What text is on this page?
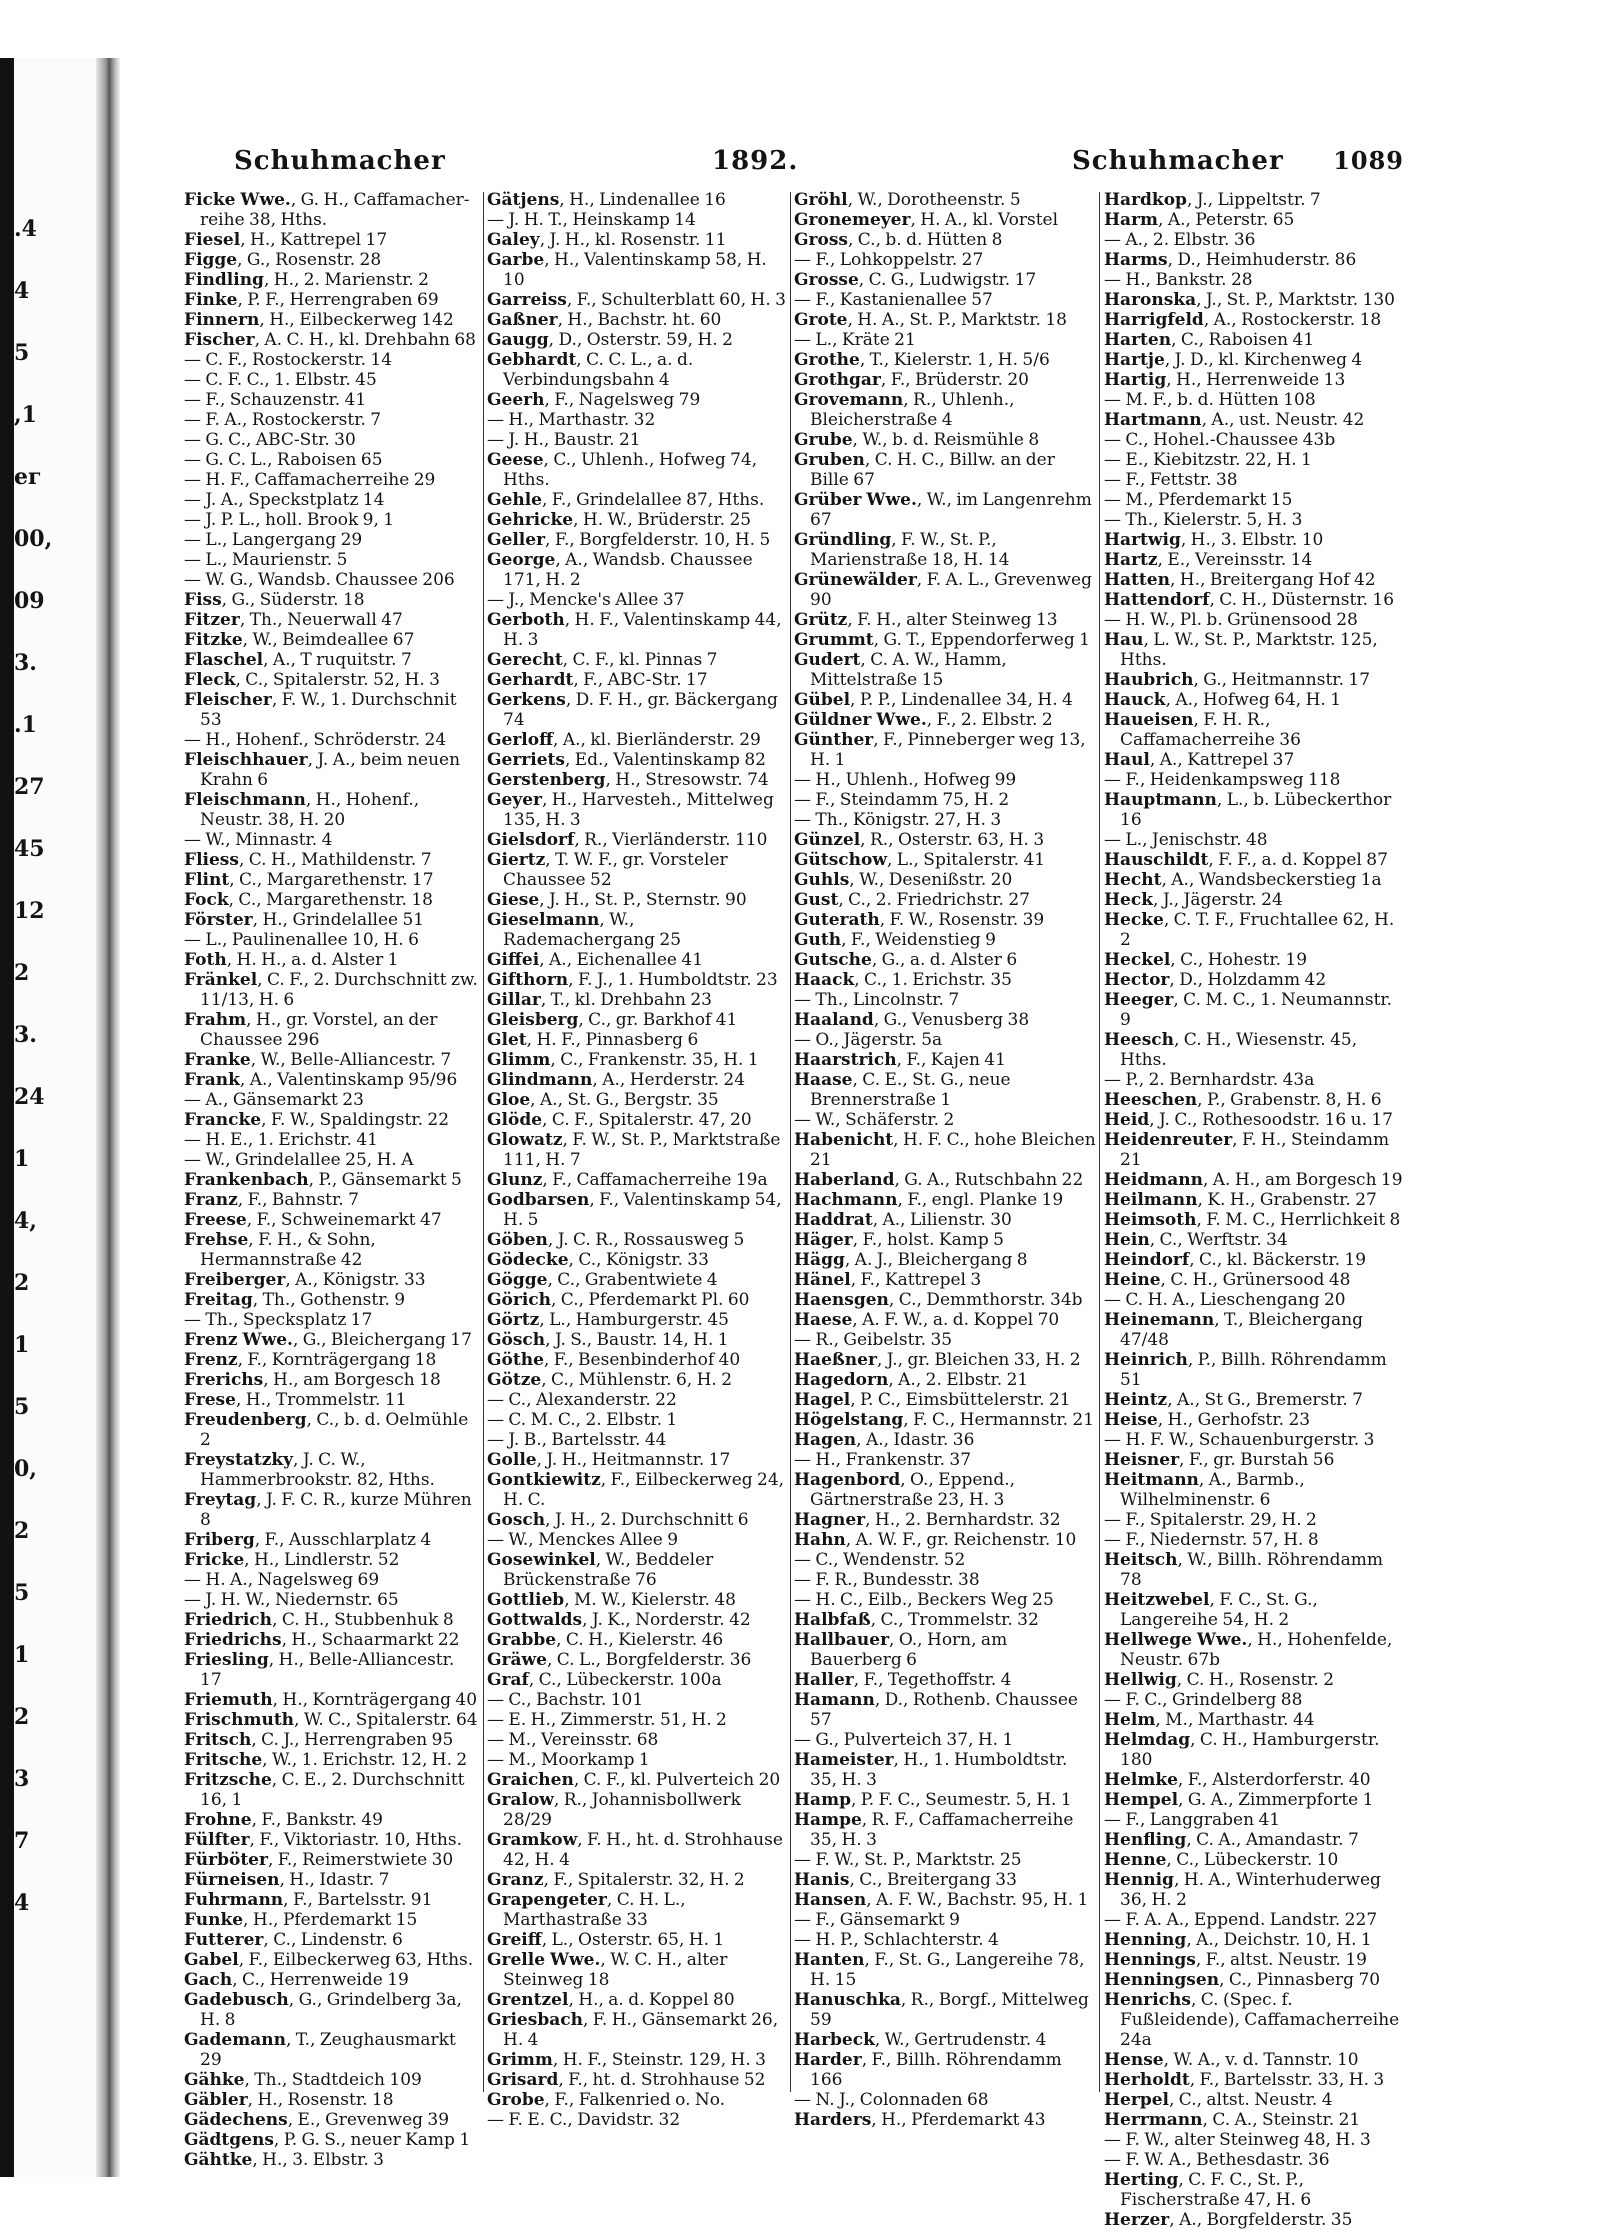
.4
4
5
,1
ег
00,
09
3.
.1
27
45
12
2
3.
24
1
4,
2
1
5
0,
2
5
1
2
3
7
4
Schuhmacher	1892.	Schuhmacher 1089

Ficke Wwe., G. H., Caffamacher-reihe 38, Hths.

Fiesel, H., Kattrepel 17

Figge, G., Rosenstr. 28

Findling, H., 2. Marienstr. 2

Finke, P. F., Herrengraben 69

Finnern, H., Eilbeckerweg 142

Fischer, A. C. H., kl. Drehbahn 68

— C. F., Rostockerstr. 14

— C. F. C., 1. Elbstr. 45

— F., Schauzenstr. 41

— F. A., Rostockerstr. 7

— G. C., ABC-Str. 30

— G. C. L., Raboisen 65

— H. F., Caffamacherreihe 29

— J. A., Speckstplatz 14

— J. P. L., holl. Brook 9, 1

— L., Langergang 29

— L., Maurienstr. 5

— W. G., Wandsb. Chaussee 206

Fiss, G., Süderstr. 18

Fitzer, Th., Neuerwall 47

Fitzke, W., Beimdeallee 67

Flaschel, A., T ruquitstr. 7

Fleck, C., Spitalerstr. 52, H. 3

Fleischer, F. W., 1. Durchschnit 53

— H., Hohenf., Schröderstr. 24

Fleischhauer, J. A., beim neuen Krahn 6

Fleischmann, H., Hohenf., Neustr. 38, H. 20

— W., Minnastr. 4

Fliess, C. H., Mathildenstr. 7

Flint, C., Margarethenstr. 17

Fock, C., Margarethenstr. 18

Förster, H., Grindelallee 51

— L., Paulinenallee 10, H. 6

Foth, H. H., a. d. Alster 1

Fränkel, C. F., 2. Durchschnitt zw. 11/13, H. 6

Frahm, H., gr. Vorstel, an der Chaussee 296

Franke, W., Belle-Alliancestr. 7

Frank, A., Valentinskamp 95/96

— A., Gänsemarkt 23

Francke, F. W., Spaldingstr. 22

— H. E., 1. Erichstr. 41

— W., Grindelallee 25, H. A

Frankenbach, P., Gänsemarkt 5

Franz, F., Bahnstr. 7

Freese, F., Schweinemarkt 47

Frehse, F. H., & Sohn, Hermannstraße 42

Freiberger, A., Königstr. 33

Freitag, Th., Gothenstr. 9

— Th., Specksplatz 17

Frenz Wwe., G., Bleichergang 17

Frenz, F., Kornträgergang 18

Frerichs, H., am Borgesch 18

Frese, H., Trommelstr. 11

Freudenberg, C., b. d. Oelmühle 2

Freystatzky, J. C. W., Hammerbrookstr. 82, Hths.

Freytag, J. F. C. R., kurze Mühren 8

Friberg, F., Ausschlarplatz 4

Fricke, H., Lindlerstr. 52

— H. A., Nagelsweg 69

— J. H. W., Niedernstr. 65

Friedrich, C. H., Stubbenhuk 8

Friedrichs, H., Schaarmarkt 22

Friesling, H., Belle-Alliancestr. 17

Friemuth, H., Kornträgergang 40

Frischmuth, W. C., Spitalerstr. 64

Fritsch, C. J., Herrengraben 95

Fritsche, W., 1. Erichstr. 12, H. 2

Fritzsche, C. E., 2. Durchschnitt 16, 1

Frohne, F., Bankstr. 49

Fülfter, F., Viktoriastr. 10, Hths.

Fürböter, F., Reimerstwiete 30

Fürneisen, H., Idastr. 7

Fuhrmann, F., Bartelsstr. 91

Funke, H., Pferdemarkt 15

Futterer, C., Lindenstr. 6

Gabel, F., Eilbeckerweg 63, Hths.

Gach, C., Herrenweide 19

Gadebusch, G., Grindelberg 3a, H. 8

Gademann, T., Zeughausmarkt 29

Gähke, Th., Stadtdeich 109

Gäbler, H., Rosenstr. 18

Gädechens, E., Grevenweg 39

Gädtgens, P. G. S., neuer Kamp 1

Gähtke, H., 3. Elbstr. 3

Gätjens, H., Lindenallee 16

— J. H. T., Heinskamp 14

Galey, J. H., kl. Rosenstr. 11

Garbe, H., Valentinskamp 58, H. 10

Garreiss, F., Schulterblatt 60, H. 3

Gaßner, H., Bachstr. ht. 60

Gaugg, D., Osterstr. 59, H. 2

Gebhardt, C. C. L., a. d. Verbindungsbahn 4

Geerh, F., Nagelsweg 79

— H., Marthastr. 32

— J. H., Baustr. 21

Geese, C., Uhlenh., Hofweg 74, Hths.

Gehle, F., Grindelallee 87, Hths.

Gehricke, H. W., Brüderstr. 25

Geller, F., Borgfelderstr. 10, H. 5

George, A., Wandsb. Chaussee 171, H. 2

— J., Mencke's Allee 37

Gerboth, H. F., Valentinskamp 44, H. 3

Gerecht, C. F., kl. Pinnas 7

Gerhardt, F., ABC-Str. 17

Gerkens, D. F. H., gr. Bäckergang 74

Gerloff, A., kl. Bierländerstr. 29

Gerriets, Ed., Valentinskamp 82

Gerstenberg, H., Stresowstr. 74

Geyer, H., Harvesteh., Mittelweg 135, H. 3

Gielsdorf, R., Vierländerstr. 110

Giertz, T. W. F., gr. Vorsteler Chaussee 52

Giese, J. H., St. P., Sternstr. 90

Gieselmann, W., Rademachergang 25

Giffei, A., Eichenallee 41

Gifthorn, F. J., 1. Humboldtstr. 23

Gillar, T., kl. Drehbahn 23

Gleisberg, C., gr. Barkhof 41

Glet, H. F., Pinnasberg 6

Glimm, C., Frankenstr. 35, H. 1

Glindmann, A., Herderstr. 24

Gloe, A., St. G., Bergstr. 35

Glöde, C. F., Spitalerstr. 47, 20

Glowatz, F. W., St. P., Marktstraße 111, H. 7

Glunz, F., Caffamacherreihe 19a

Godbarsen, F., Valentinskamp 54, H. 5

Göben, J. C. R., Rossausweg 5

Gödecke, C., Königstr. 33

Gögge, C., Grabentwiete 4

Görich, C., Pferdemarkt Pl. 60

Görtz, L., Hamburgerstr. 45

Gösch, J. S., Baustr. 14, H. 1

Göthe, F., Besenbinderhof 40

Götze, C., Mühlenstr. 6, H. 2

— C., Alexanderstr. 22

— C. M. C., 2. Elbstr. 1

— J. B., Bartelsstr. 44

Golle, J. H., Heitmannstr. 17

Gontkiewitz, F., Eilbeckerweg 24, H. C.

Gosch, J. H., 2. Durchschnitt 6

— W., Menckes Allee 9

Gosewinkel, W., Beddeler Brückenstraße 76

Gottlieb, M. W., Kielerstr. 48

Gottwalds, J. K., Norderstr. 42

Grabbe, C. H., Kielerstr. 46

Gräwe, C. L., Borgfelderstr. 36

Graf, C., Lübeckerstr. 100a

— C., Bachstr. 101

— E. H., Zimmerstr. 51, H. 2

— M., Vereinsstr. 68

— M., Moorkamp 1

Graichen, C. F., kl. Pulverteich 20

Gralow, R., Johannisbollwerk 28/29

Gramkow, F. H., ht. d. Strohhause 42, H. 4

Granz, F., Spitalerstr. 32, H. 2

Grapengeter, C. H. L., Marthastraße 33

Greiff, L., Osterstr. 65, H. 1

Grelle Wwe., W. C. H., alter Steinweg 18

Grentzel, H., a. d. Koppel 80

Griesbach, F. H., Gänsemarkt 26, H. 4

Grimm, H. F., Steinstr. 129, H. 3

Grisard, F., ht. d. Strohhause 52

Grobe, F., Falkenried o. No.

— F. E. C., Davidstr. 32

Gröhl, W., Dorotheenstr. 5

Gronemeyer, H. A., kl. Vorstel

Gross, C., b. d. Hütten 8

— F., Lohkoppelstr. 27

Grosse, C. G., Ludwigstr. 17

— F., Kastanienallee 57

Grote, H. A., St. P., Marktstr. 18

— L., Kräte 21

Grothe, T., Kielerstr. 1, H. 5/6

Grothgar, F., Brüderstr. 20

Grovemann, R., Uhlenh., Bleicherstraße 4

Grube, W., b. d. Reismühle 8

Gruben, C. H. C., Billw. an der Bille 67

Grüber Wwe., W., im Langenrehm 67

Gründling, F. W., St. P., Marienstraße 18, H. 14

Grünewälder, F. A. L., Grevenweg 90

Grütz, F. H., alter Steinweg 13

Grummt, G. T., Eppendorferweg 1

Gudert, C. A. W., Hamm, Mittelstraße 15

Gübel, P. P., Lindenallee 34, H. 4

Güldner Wwe., F., 2. Elbstr. 2

Günther, F., Pinneberger weg 13, H. 1

— H., Uhlenh., Hofweg 99

— F., Steindamm 75, H. 2

— Th., Königstr. 27, H. 3

Günzel, R., Osterstr. 63, H. 3

Gütschow, L., Spitalerstr. 41

Guhls, W., Desenißstr. 20

Gust, C., 2. Friedrichstr. 27

Guterath, F. W., Rosenstr. 39

Guth, F., Weidenstieg 9

Gutsche, G., a. d. Alster 6

Haack, C., 1. Erichstr. 35

— Th., Lincolnstr. 7

Haaland, G., Venusberg 38

— O., Jägerstr. 5a

Haarstrich, F., Kajen 41

Haase, C. E., St. G., neue Brennerstraße 1

— W., Schäferstr. 2

Habenicht, H. F. C., hohe Bleichen 21

Haberland, G. A., Rutschbahn 22

Hachmann, F., engl. Planke 19

Haddrat, A., Lilienstr. 30

Häger, F., holst. Kamp 5

Hägg, A. J., Bleichergang 8

Hänel, F., Kattrepel 3

Haensgen, C., Demmthorstr. 34b

Haese, A. F. W., a. d. Koppel 70

— R., Geibelstr. 35

Haeßner, J., gr. Bleichen 33, H. 2

Hagedorn, A., 2. Elbstr. 21

Hagel, P. C., Eimsbüttelerstr. 21

Högelstang, F. C., Hermannstr. 21

Hagen, A., Idastr. 36

— H., Frankenstr. 37

Hagenbord, O., Eppend., Gärtnerstraße 23, H. 3

Hagner, H., 2. Bernhardstr. 32

Hahn, A. W. F., gr. Reichenstr. 10

— C., Wendenstr. 52

— F. R., Bundesstr. 38

— H. C., Eilb., Beckers Weg 25

Halbfaß, C., Trommelstr. 32

Hallbauer, O., Horn, am Bauerberg 6

Haller, F., Tegethoffstr. 4

Hamann, D., Rothenb. Chaussee 57

— G., Pulverteich 37, H. 1

Hameister, H., 1. Humboldtstr. 35, H. 3

Hamp, P. F. C., Seumestr. 5, H. 1

Hampe, R. F., Caffamacherreihe 35, H. 3

— F. W., St. P., Marktstr. 25

Hanis, C., Breitergang 33

Hansen, A. F. W., Bachstr. 95, H. 1

— F., Gänsemarkt 9

— H. P., Schlachterstr. 4

Hanten, F., St. G., Langereihe 78, H. 15

Hanuschka, R., Borgf., Mittelweg 59

Harbeck, W., Gertrudenstr. 4

Harder, F., Billh. Röhrendamm 166

— N. J., Colonnaden 68

Harders, H., Pferdemarkt 43

Hardkop, J., Lippeltstr. 7

Harm, A., Peterstr. 65

— A., 2. Elbstr. 36

Harms, D., Heimhuderstr. 86

— H., Bankstr. 28

Haronska, J., St. P., Marktstr. 130

Harrigfeld, A., Rostockerstr. 18

Harten, C., Raboisen 41

Hartje, J. D., kl. Kirchenweg 4

Hartig, H., Herrenweide 13

— M. F., b. d. Hütten 108

Hartmann, A., ust. Neustr. 42

— C., Hohel.-Chaussee 43b

— E., Kiebitzstr. 22, H. 1

— F., Fettstr. 38

— M., Pferdemarkt 15

— Th., Kielerstr. 5, H. 3

Hartwig, H., 3. Elbstr. 10

Hartz, E., Vereinsstr. 14

Hatten, H., Breitergang Hof 42

Hattendorf, C. H., Düsternstr. 16

— H. W., Pl. b. Grünensood 28

Hau, L. W., St. P., Marktstr. 125, Hths.

Haubrich, G., Heitmannstr. 17

Hauck, A., Hofweg 64, H. 1

Haueisen, F. H. R., Caffamacherreihe 36

Haul, A., Kattrepel 37

— F., Heidenkampsweg 118

Hauptmann, L., b. Lübeckerthor 16

— L., Jenischstr. 48

Hauschildt, F. F., a. d. Koppel 87

Hecht, A., Wandsbeckerstieg 1a

Heck, J., Jägerstr. 24

Hecke, C. T. F., Fruchtallee 62, H. 2

Heckel, C., Hohestr. 19

Hector, D., Holzdamm 42

Heeger, C. M. C., 1. Neumannstr. 9

Heesch, C. H., Wiesenstr. 45, Hths.

— P., 2. Bernhardstr. 43a

Heeschen, P., Grabenstr. 8, H. 6

Heid, J. C., Rothesoodstr. 16 u. 17

Heidenreuter, F. H., Steindamm 21

Heidmann, A. H., am Borgesch 19

Heilmann, K. H., Grabenstr. 27

Heimsoth, F. M. C., Herrlichkeit 8

Hein, C., Werftstr. 34

Heindorf, C., kl. Bäckerstr. 19

Heine, C. H., Grünersood 48

— C. H. A., Lieschengang 20

Heinemann, T., Bleichergang 47/48

Heinrich, P., Billh. Röhrendamm 51

Heintz, A., St G., Bremerstr. 7

Heise, H., Gerhofstr. 23

— H. F. W., Schauenburgerstr. 3

Heisner, F., gr. Burstah 56

Heitmann, A., Barmb., Wilhelminenstr. 6

— F., Spitalerstr. 29, H. 2

— F., Niedernstr. 57, H. 8

Heitsch, W., Billh. Röhrendamm 78

Heitzwebel, F. C., St. G., Langereihe 54, H. 2

Hellwege Wwe., H., Hohenfelde, Neustr. 67b

Hellwig, C. H., Rosenstr. 2

— F. C., Grindelberg 88

Helm, M., Marthastr. 44

Helmdag, C. H., Hamburgerstr. 180

Helmke, F., Alsterdorferstr. 40

Hempel, G. A., Zimmerpforte 1

— F., Langgraben 41

Henfling, C. A., Amandastr. 7

Henne, C., Lübeckerstr. 10

Hennig, H. A., Winterhuderweg 36, H. 2

— F. A. A., Eppend. Landstr. 227

Henning, A., Deichstr. 10, H. 1

Hennings, F., altst. Neustr. 19

Henningsen, C., Pinnasberg 70

Henrichs, C. (Spec. f. Fußleidende), Caffamacherreihe 24a

Hense, W. A., v. d. Tannstr. 10

Herholdt, F., Bartelsstr. 33, H. 3

Herpel, C., altst. Neustr. 4

Herrmann, C. A., Steinstr. 21

— F. W., alter Steinweg 48, H. 3

— F. W. A., Bethesdastr. 36

Herting, C. F. C., St. P., Fischerstraße 47, H. 6

Herzer, A., Borgfelderstr. 35
